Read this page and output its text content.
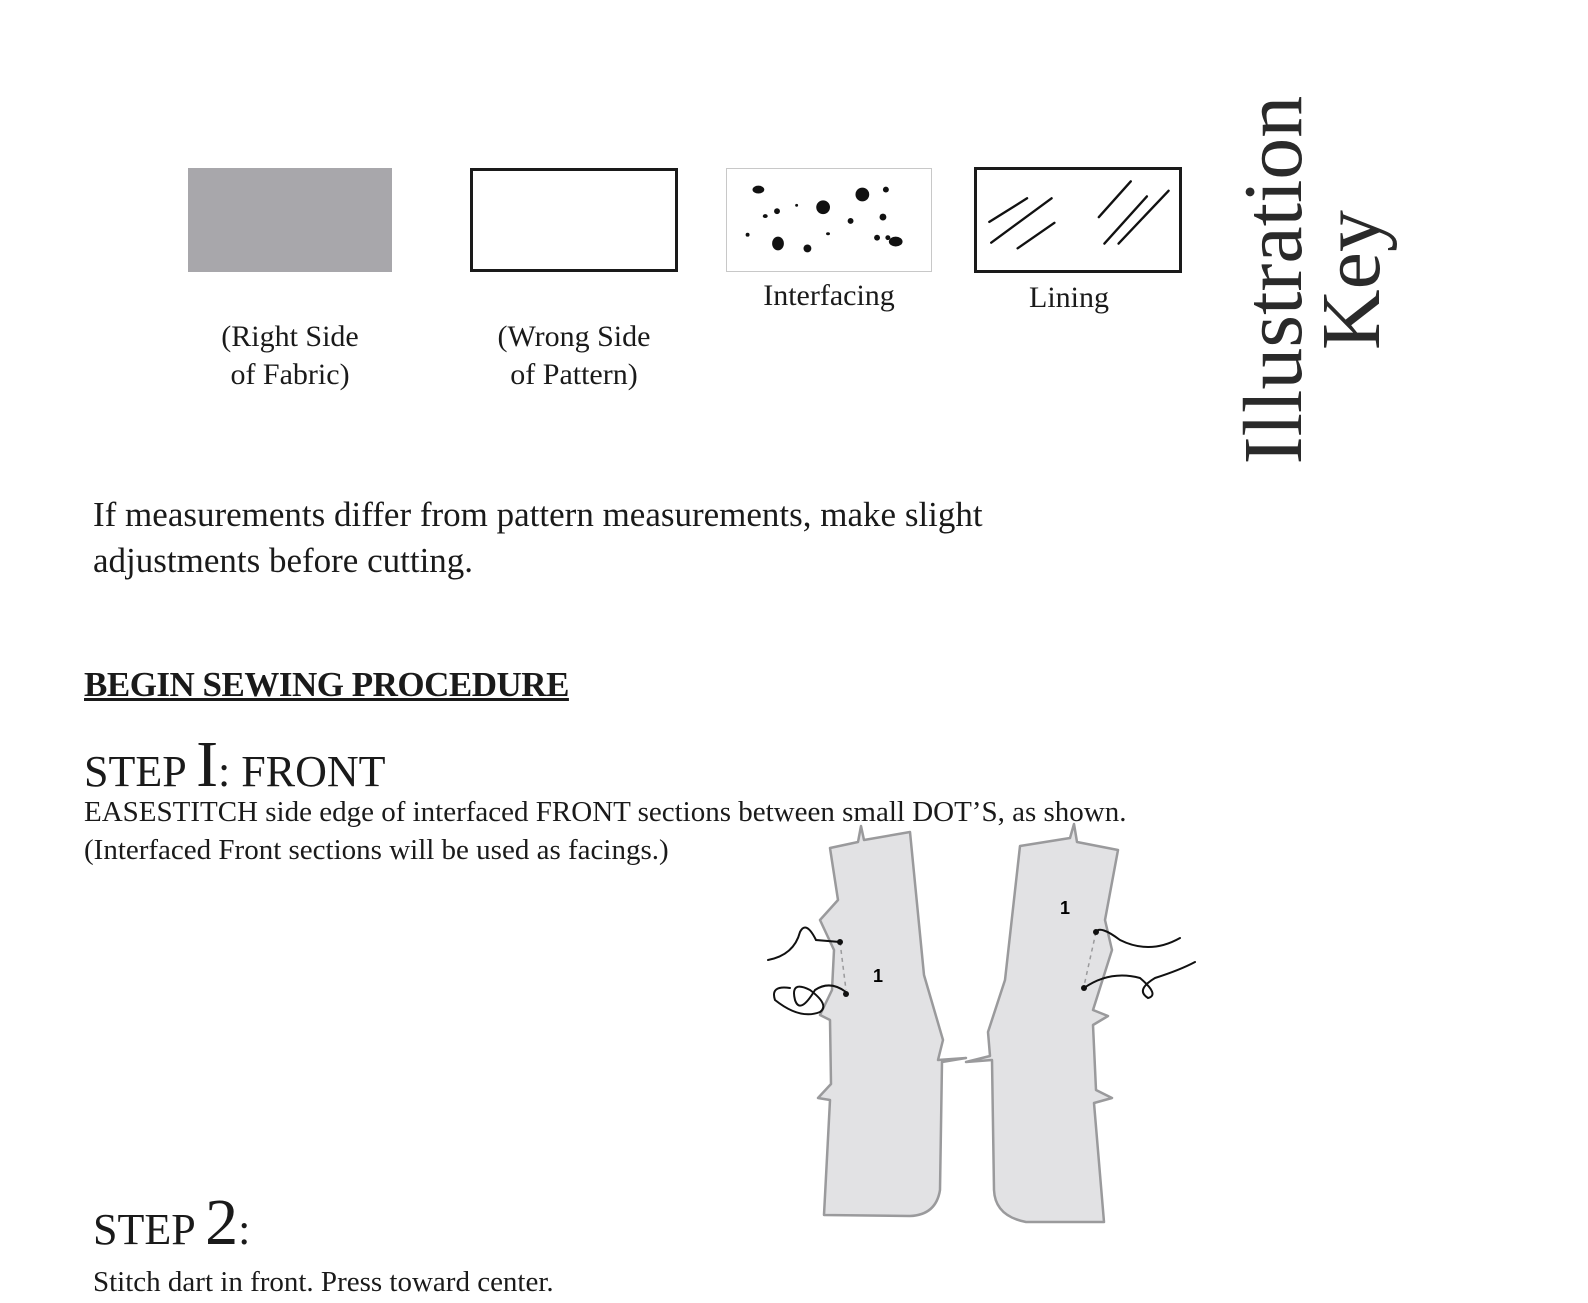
(Right Side
of Fabric)
(Wrong Side
of Pattern)
Interfacing	Lining	Illustration
Key
If measurements differ from pattern measurements, make slight adjustments before cutting.
BEGIN SEWING PROCEDURE
STEP I: FRONT
EASESTITCH side edge of interfaced FRONT sections between small DOT’S, as shown.
(Interfaced Front sections will be used as facings.)
1
1
STEP 2:
Stitch dart in front. Press toward center.
